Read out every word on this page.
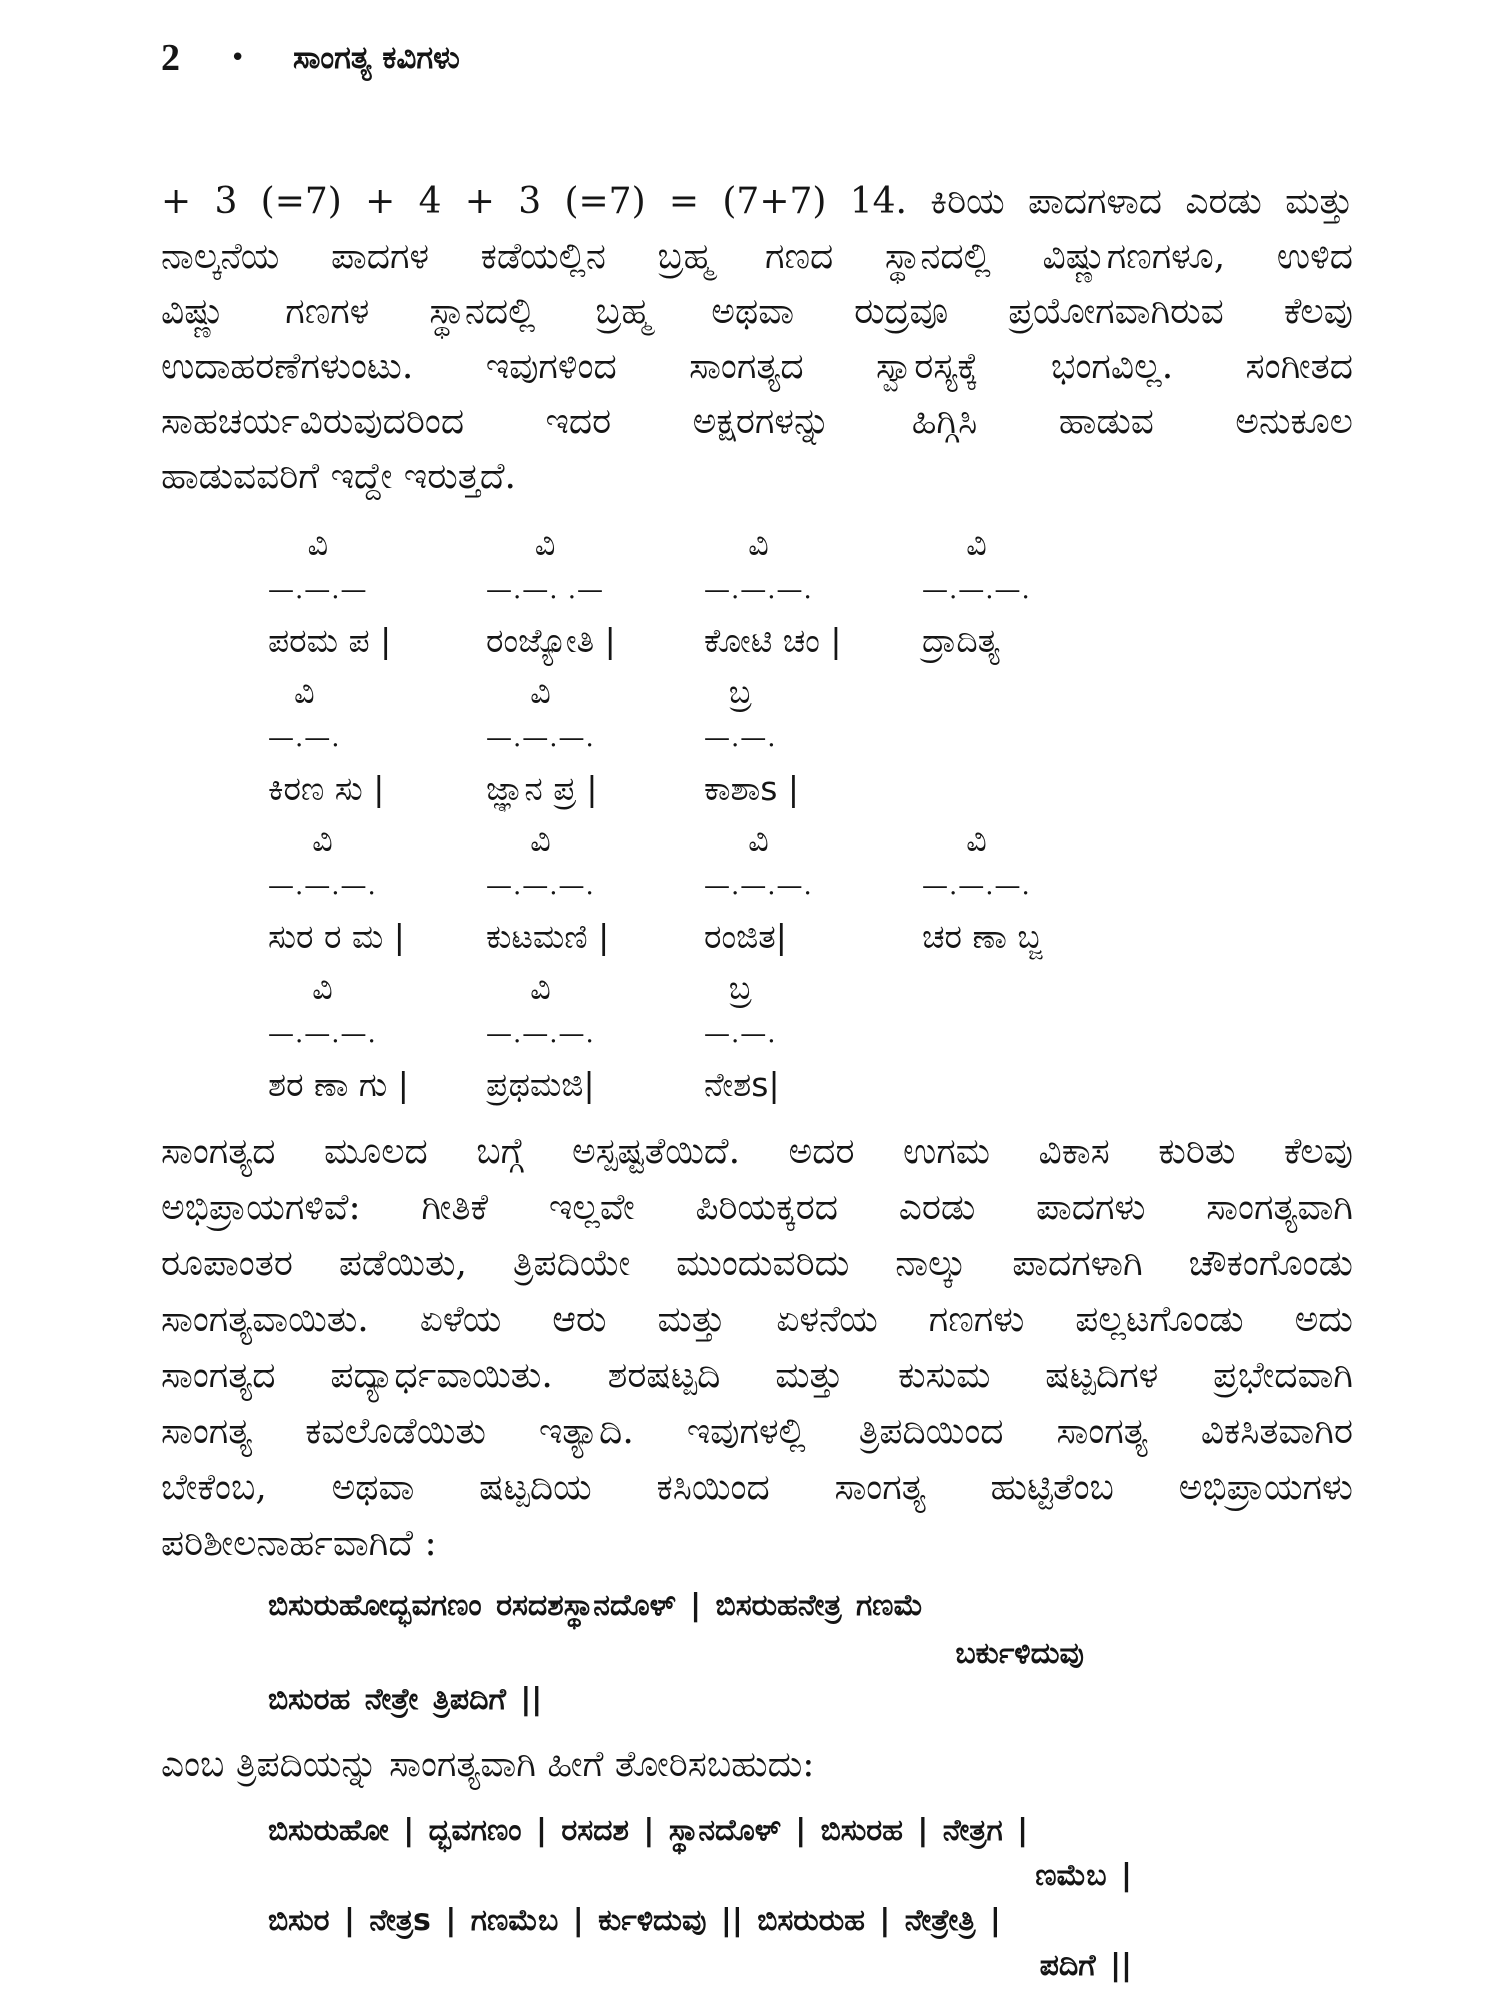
2 • ಸಾಂಗತ್ಯ ಕವಿಗಳು
+ 3 (=7) + 4 + 3 (=7) = (7+7) 14. ಕಿರಿಯ ಪಾದಗಳಾದ ಎರಡು ಮತ್ತು
ನಾಲ್ಕನೆಯ ಪಾದಗಳ ಕಡೆಯಲ್ಲಿನ ಬ್ರಹ್ಮ ಗಣದ ಸ್ಥಾನದಲ್ಲಿ ವಿಷ್ಣುಗಣಗಳೂ, ಉಳಿದ
ವಿಷ್ಣು ಗಣಗಳ ಸ್ಥಾನದಲ್ಲಿ ಬ್ರಹ್ಮ ಅಥವಾ ರುದ್ರವೂ ಪ್ರಯೋಗವಾಗಿರುವ ಕೆಲವು
ಉದಾಹರಣೆಗಳುಂಟು. ಇವುಗಳಿಂದ ಸಾಂಗತ್ಯದ ಸ್ವಾರಸ್ಯಕ್ಕೆ ಭಂಗವಿಲ್ಲ. ಸಂಗೀತದ
ಸಾಹಚರ್ಯವಿರುವುದರಿಂದ ಇದರ ಅಕ್ಷರಗಳನ್ನು ಹಿಗ್ಗಿಸಿ ಹಾಡುವ ಅನುಕೂಲ
ಹಾಡುವವರಿಗೆ ಇದ್ದೇ ಇರುತ್ತದೆ.
ವಿ
—.—.—
ಪರಮ ಪ |
ವಿ
—.—. .—
ರಂಜ್ಯೋತಿ |
ವಿ
—.—.—.
ಕೋಟಿ ಚಂ |
ವಿ
—.—.—.
ದ್ರಾದಿತ್ಯ
ವಿ
—.—.
ಕಿರಣ ಸು |
ವಿ
—.—.—.
ಜ್ಞಾನ ಪ್ರ |
ಬ್ರ
—.—.
ಕಾಶಾs |
ವಿ
—.—.—.
ಸುರ ರ ಮ |
ವಿ
—.—.—.
ಕುಟಮಣಿ |
ವಿ
—.—.—.
ರಂಜಿತ|
ವಿ
—.—.—.
ಚರ ಣಾ ಬ್ಜ
ವಿ
—.—.—.
ಶರ ಣಾ ಗು |
ವಿ
—.—.—.
ಪ್ರಥಮಜಿ|
ಬ್ರ
—.—.
ನೇಶs|
ಸಾಂಗತ್ಯದ ಮೂಲದ ಬಗ್ಗೆ ಅಸ್ಪಷ್ಟತೆಯಿದೆ. ಅದರ ಉಗಮ ವಿಕಾಸ ಕುರಿತು ಕೆಲವು
ಅಭಿಪ್ರಾಯಗಳಿವೆ: ಗೀತಿಕೆ ಇಲ್ಲವೇ ಪಿರಿಯಕ್ಕರದ ಎರಡು ಪಾದಗಳು ಸಾಂಗತ್ಯವಾಗಿ
ರೂಪಾಂತರ ಪಡೆಯಿತು, ತ್ರಿಪದಿಯೇ ಮುಂದುವರಿದು ನಾಲ್ಕು ಪಾದಗಳಾಗಿ ಚೌಕಂಗೊಂಡು
ಸಾಂಗತ್ಯವಾಯಿತು. ಏಳೆಯ ಆರು ಮತ್ತು ಏಳನೆಯ ಗಣಗಳು ಪಲ್ಲಟಗೊಂಡು ಅದು
ಸಾಂಗತ್ಯದ ಪದ್ಯಾರ್ಧವಾಯಿತು. ಶರಷಟ್ಪದಿ ಮತ್ತು ಕುಸುಮ ಷಟ್ಪದಿಗಳ ಪ್ರಭೇದವಾಗಿ
ಸಾಂಗತ್ಯ ಕವಲೊಡೆಯಿತು ಇತ್ಯಾದಿ. ಇವುಗಳಲ್ಲಿ ತ್ರಿಪದಿಯಿಂದ ಸಾಂಗತ್ಯ ವಿಕಸಿತವಾಗಿರ
ಬೇಕೆಂಬ, ಅಥವಾ ಷಟ್ಪದಿಯ ಕಸಿಯಿಂದ ಸಾಂಗತ್ಯ ಹುಟ್ಟಿತೆಂಬ ಅಭಿಪ್ರಾಯಗಳು
ಪರಿಶೀಲನಾರ್ಹವಾಗಿದೆ :
ಬಿಸುರುಹೋದ್ಭವಗಣಂ ರಸದಶಸ್ಥಾನದೊಳ್ | ಬಿಸರುಹನೇತ್ರ ಗಣಮೆ
ಬರ್ಕುಳಿದುವು
ಬಿಸುರಹ ನೇತ್ರೇ ತ್ರಿಪದಿಗೆ ||
ಎಂಬ ತ್ರಿಪದಿಯನ್ನು ಸಾಂಗತ್ಯವಾಗಿ ಹೀಗೆ ತೋರಿಸಬಹುದು:
ಬಿಸುರುಹೋ | ದ್ಭವಗಣಂ | ರಸದಶ | ಸ್ಥಾನದೊಳ್ | ಬಿಸುರಹ | ನೇತ್ರಗ |
ಣಮೆಬ |
ಬಿಸುರ | ನೇತ್ರs | ಗಣಮೆಬ | ರ್ಕುಳಿದುವು || ಬಿಸರುರುಹ | ನೇತ್ರೇತ್ರಿ |
ಪದಿಗೆ ||
